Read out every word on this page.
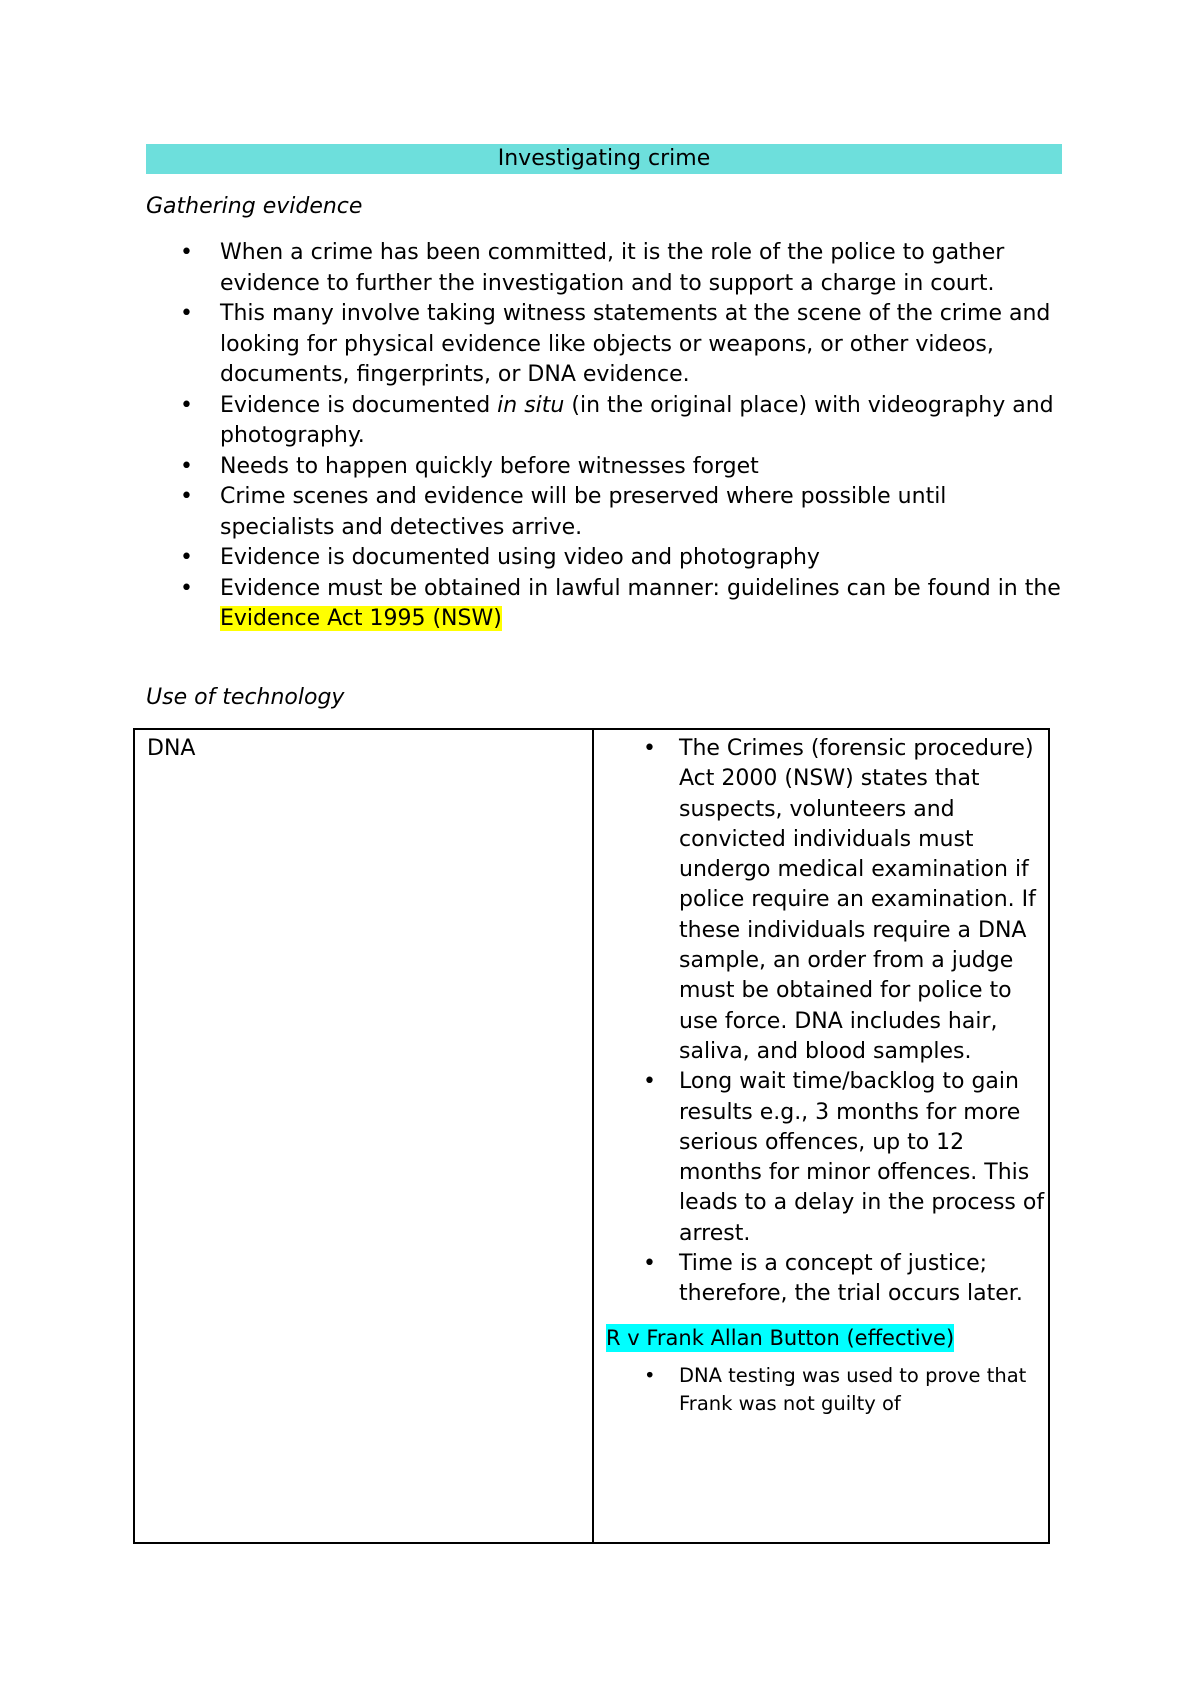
Investigating crime
Gathering evidence
• When a crime has been committed, it is the role of the police to gather evidence to further the investigation and to support a charge in court.
• This many involve taking witness statements at the scene of the crime and looking for physical evidence like objects or weapons, or other videos, documents, fingerprints, or DNA evidence.
• Evidence is documented in situ (in the original place) with videography and photography.
• Needs to happen quickly before witnesses forget
• Crime scenes and evidence will be preserved where possible until specialists and detectives arrive.
• Evidence is documented using video and photography
• Evidence must be obtained in lawful manner: guidelines can be found in the Evidence Act 1995 (NSW)
Use of technology
DNA
•	The Crimes (forensic procedure) Act 2000 (NSW) states that suspects, volunteers and convicted individuals must undergo medical examination if police require an examination. If these individuals require a DNA sample, an order from a judge must be obtained for police to use force. DNA includes hair, saliva, and blood samples.
• Long wait time/backlog to gain results e.g., 3 months for more serious offences, up to 12 months for minor offences. This leads to a delay in the process of arrest.
• Time is a concept of justice; therefore, the trial occurs later.
R v Frank Allan Button (effective)
• DNA testing was used to prove that Frank was not guilty of
